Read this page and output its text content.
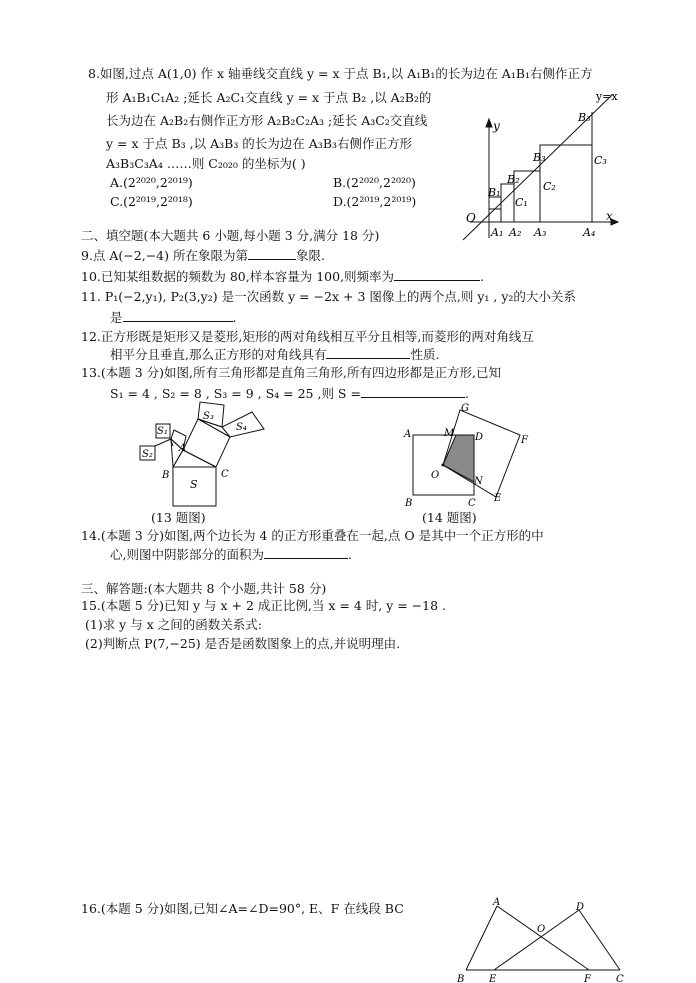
8.如图,过点 A(1,0) 作 x 轴垂线交直线 y = x 于点 B₁,以 A₁B₁的长为边在 A₁B₁右侧作正方
形 A₁B₁C₁A₂ ;延长 A₂C₁交直线 y = x 于点 B₂ ,以 A₂B₂的
长为边在 A₂B₂右侧作正方形 A₂B₂C₂A₃ ;延长 A₃C₂交直线
y = x 于点 B₃ ,以 A₃B₃ 的长为边在 A₃B₃右侧作正方形
A₃B₃C₃A₄ ……则 C₂₀₂₀ 的坐标为( )
A.(2²⁰²⁰,2²⁰¹⁹)	B.(2²⁰²⁰,2²⁰²⁰)
C.(2²⁰¹⁹,2²⁰¹⁸)	D.(2²⁰¹⁹,2²⁰¹⁹)
y=x
y
x
O
A₁ A₂ A₃	A₄
B₁
C₁
B₂
C₂
B₃	C₃
B₃
二、填空题(本大题共 6 小题,每小题 3 分,满分 18 分)
9.点 A(−2,−4) 所在象限为第	象限.
10.已知某组数据的频数为 80,样本容量为 100,则频率为	.
11. P₁(−2,y₁), P₂(3,y₂) 是一次函数 y = −2x + 3 图像上的两个点,则 y₁ , y₂的大小关系
是	.
12.正方形既是矩形又是菱形,矩形的两对角线相互平分且相等,而菱形的两对角线互
相平分且垂直,那么正方形的对角线具有	性质.
13.(本题 3 分)如图,所有三角形都是直角三角形,所有四边形都是正方形,已知
S₁ = 4 , S₂ = 8 , S₃ = 9 , S₄ = 25 ,则 S =	.
S₁
S₂
S₃
S₄
S
A
B	C
(13 题图)
A	M D
G
F
O
N
B	C E
(14 题图)
14.(本题 3 分)如图,两个边长为 4 的正方形重叠在一起,点 O 是其中一个正方形的中
心,则图中阴影部分的面积为	.
三、解答题:(本大题共 8 个小题,共计 58 分)
15.(本题 5 分)已知 y 与 x + 2 成正比例,当 x = 4 时, y = −18 .
(1)求 y 与 x 之间的函数关系式:
(2)判断点 P(7,−25) 是否是函数图象上的点,并说明理由.
16.(本题 5 分)如图,已知∠A=∠D=90°, E、F 在线段 BC	A	D
O
B E	F	C
